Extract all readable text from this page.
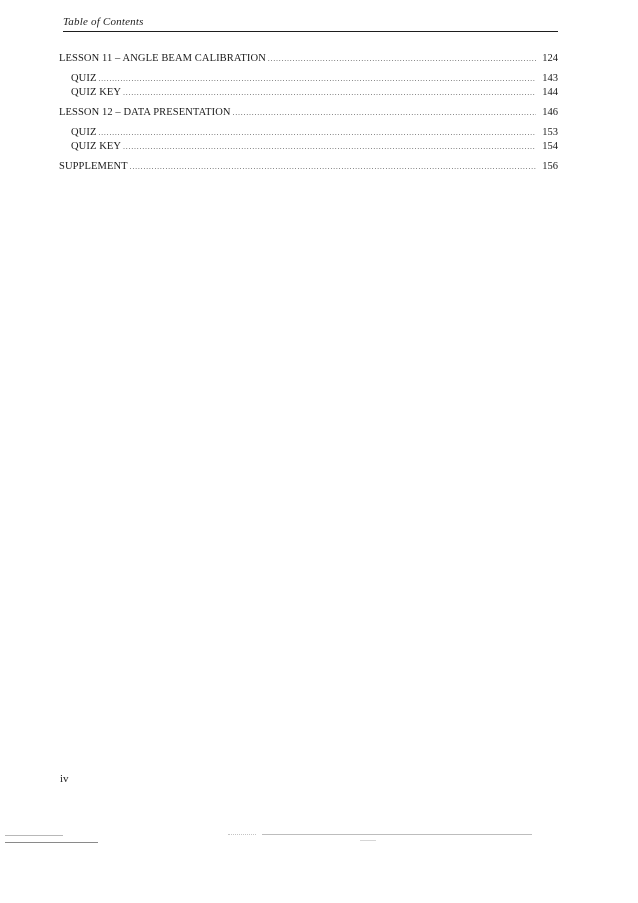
Table of Contents
LESSON 11 – ANGLE BEAM CALIBRATION .....	124
QUIZ .....	143
QUIZ KEY .....	144
LESSON 12 – DATA PRESENTATION .....	146
QUIZ .....	153
QUIZ KEY .....	154
SUPPLEMENT .....	156
iv
